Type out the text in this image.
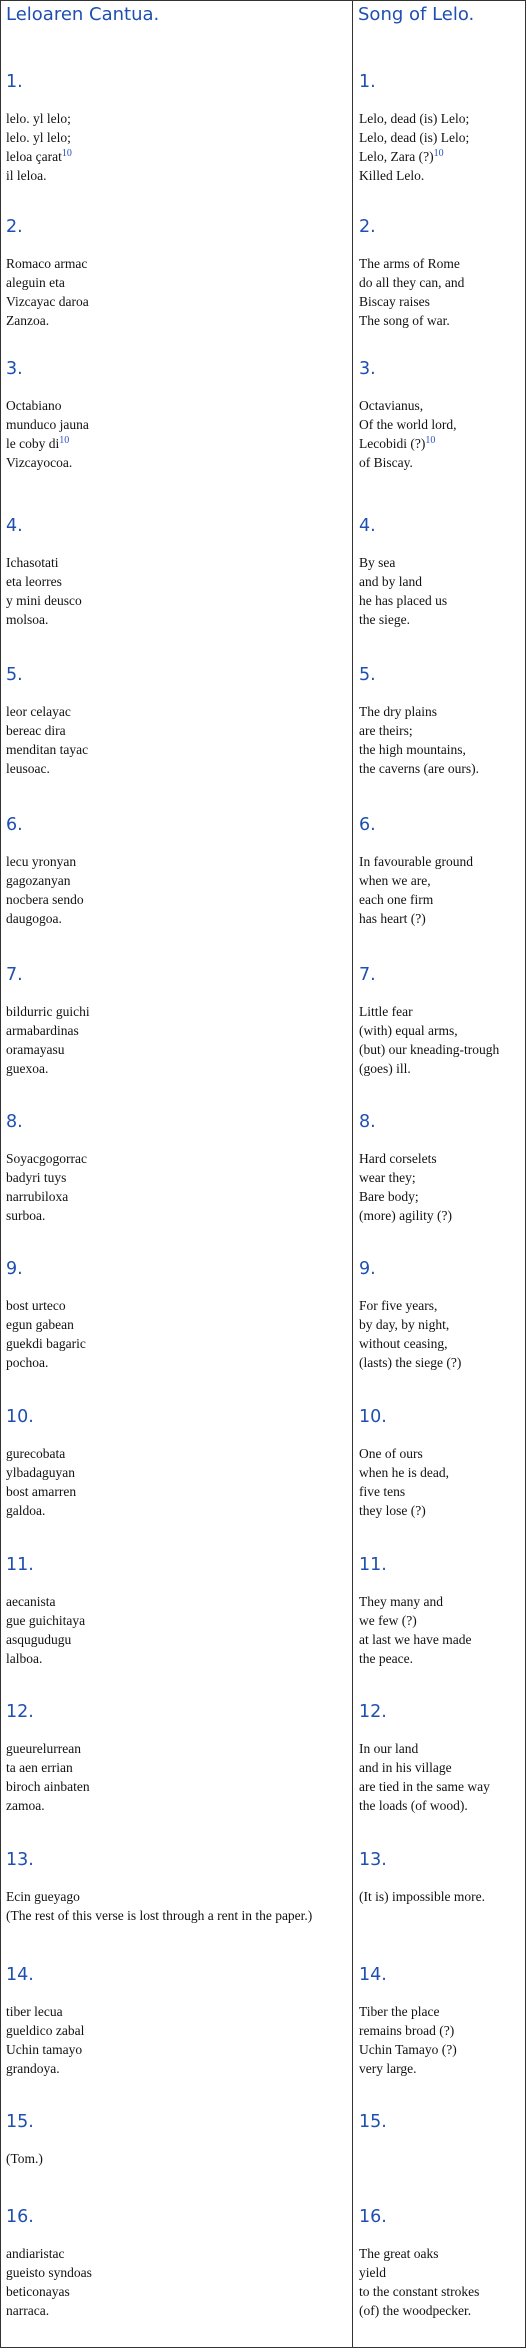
Leloaren Cantua.
1.
lelo. yl lelo;
lelo. yl lelo;
leloa çarat$^{10}$
il leloa.
2.
Romaco armac
aleguin eta
Vizcayac daroa
Zanzoa.
3.
Octabiano
munduco jauna
le coby di$^{10}$
Vizcayocoa.
4.
Ichasotati
eta leorres
y mini deusco
molsoa.
5.
leor celayac
bereac dira
menditan tayac
leusoac.
6.
lecu yronyan
gagozanyan
nocbera sendo
daugogoa.
7.
bildurric guichi
armabardinas
oramayasu
guexoa.
8.
Soyacgogorrac
badyri tuys
narrubiloxa
surboa.
9.
bost urteco
egun gabean
guekdi bagaric
pochoa.
10.
gurecobata
ylbadaguyan
bost amarren
galdoa.
11.
aecanista
gue guichitaya
asqugudugu
lalboa.
12.
gueurelurrean
ta aen errian
biroch ainbaten
zamoa.
13.
Ecin gueyago
(The rest of this verse is lost through a rent in the paper.)
14.
tiber lecua
gueldico zabal
Uchin tamayo
grandoya.
15.
(Tom.)
16.
andiaristac
gueisto syndoas
beticonayas
narraca.
Song of Lelo.
1.
Lelo, dead (is) Lelo;
Lelo, dead (is) Lelo;
Lelo, Zara (?)$^{10}$
Killed Lelo.
2.
The arms of Rome
do all they can, and
Biscay raises
The song of war.
3.
Octavianus,
Of the world lord,
Lecobidi (?)$^{10}$
of Biscay.
4.
By sea
and by land
he has placed us
the siege.
5.
The dry plains
are theirs;
the high mountains,
the caverns (are ours).
6.
In favourable ground
when we are,
each one firm
has heart (?)
7.
Little fear
(with) equal arms,
(but) our kneading-trough
(goes) ill.
8.
Hard corselets
wear they;
Bare body;
(more) agility (?)
9.
For five years,
by day, by night,
without ceasing,
(lasts) the siege (?)
10.
One of ours
when he is dead,
five tens
they lose (?)
11.
They many and
we few (?)
at last we have made
the peace.
12.
In our land
and in his village
are tied in the same way
the loads (of wood).
13.
(It is) impossible more.
14.
Tiber the place
remains broad (?)
Uchin Tamayo (?)
very large.
15.
16.
The great oaks
yield
to the constant strokes
(of) the woodpecker.
